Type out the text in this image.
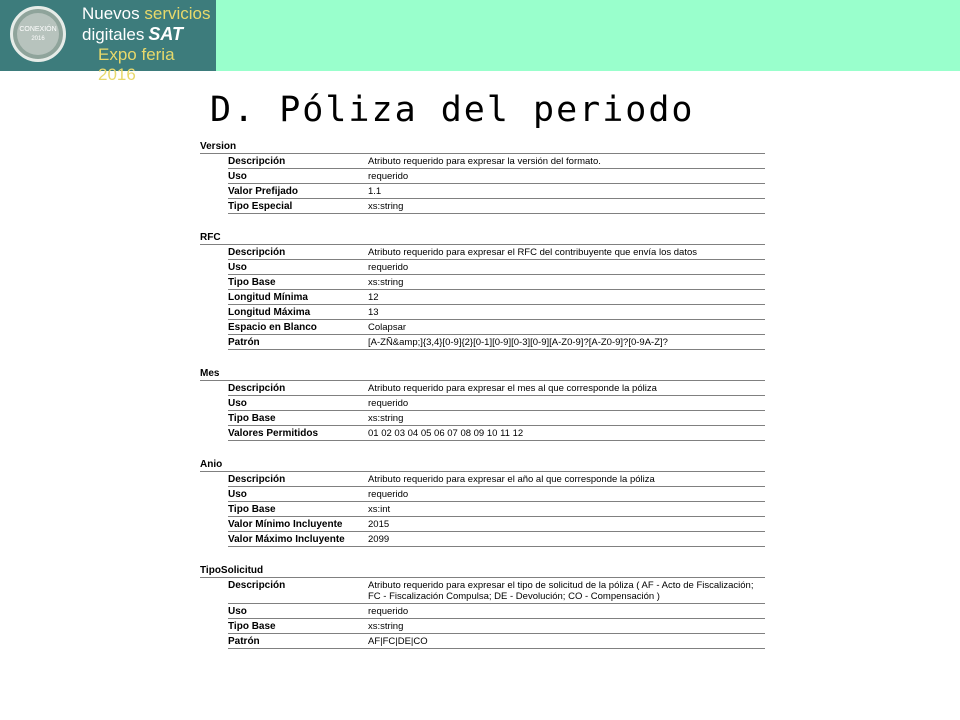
CONEXIÓN
2016
Nuevos servicios
digitales SAT
Expo feria 2016
D. Póliza del periodo
Version
Descripción	Atributo requerido para expresar la versión del formato.
Uso	requerido
Valor Prefijado	1.1
Tipo Especial	xs:string
RFC
Descripción	Atributo requerido para expresar el RFC del contribuyente que envía los datos
Uso	requerido
Tipo Base	xs:string
Longitud Mínima	12
Longitud Máxima	13
Espacio en Blanco	Colapsar
Patrón	[A-ZÑ&amp;]{3,4}[0-9]{2}[0-1][0-9][0-3][0-9][A-Z0-9]?[A-Z0-9]?[0-9A-Z]?
Mes
Descripción	Atributo requerido para expresar el mes al que corresponde la póliza
Uso	requerido
Tipo Base	xs:string
Valores Permitidos	01 02 03 04 05 06 07 08 09 10 11 12
Anio
Descripción	Atributo requerido para expresar el año al que corresponde la póliza
Uso	requerido
Tipo Base	xs:int
Valor Mínimo Incluyente	2015
Valor Máximo Incluyente	2099
TipoSolicitud
Descripción	Atributo requerido para expresar el tipo de solicitud de la póliza ( AF - Acto de Fiscalización; FC - Fiscalización Compulsa; DE - Devolución; CO - Compensación )
Uso	requerido
Tipo Base	xs:string
Patrón	AF|FC|DE|CO
